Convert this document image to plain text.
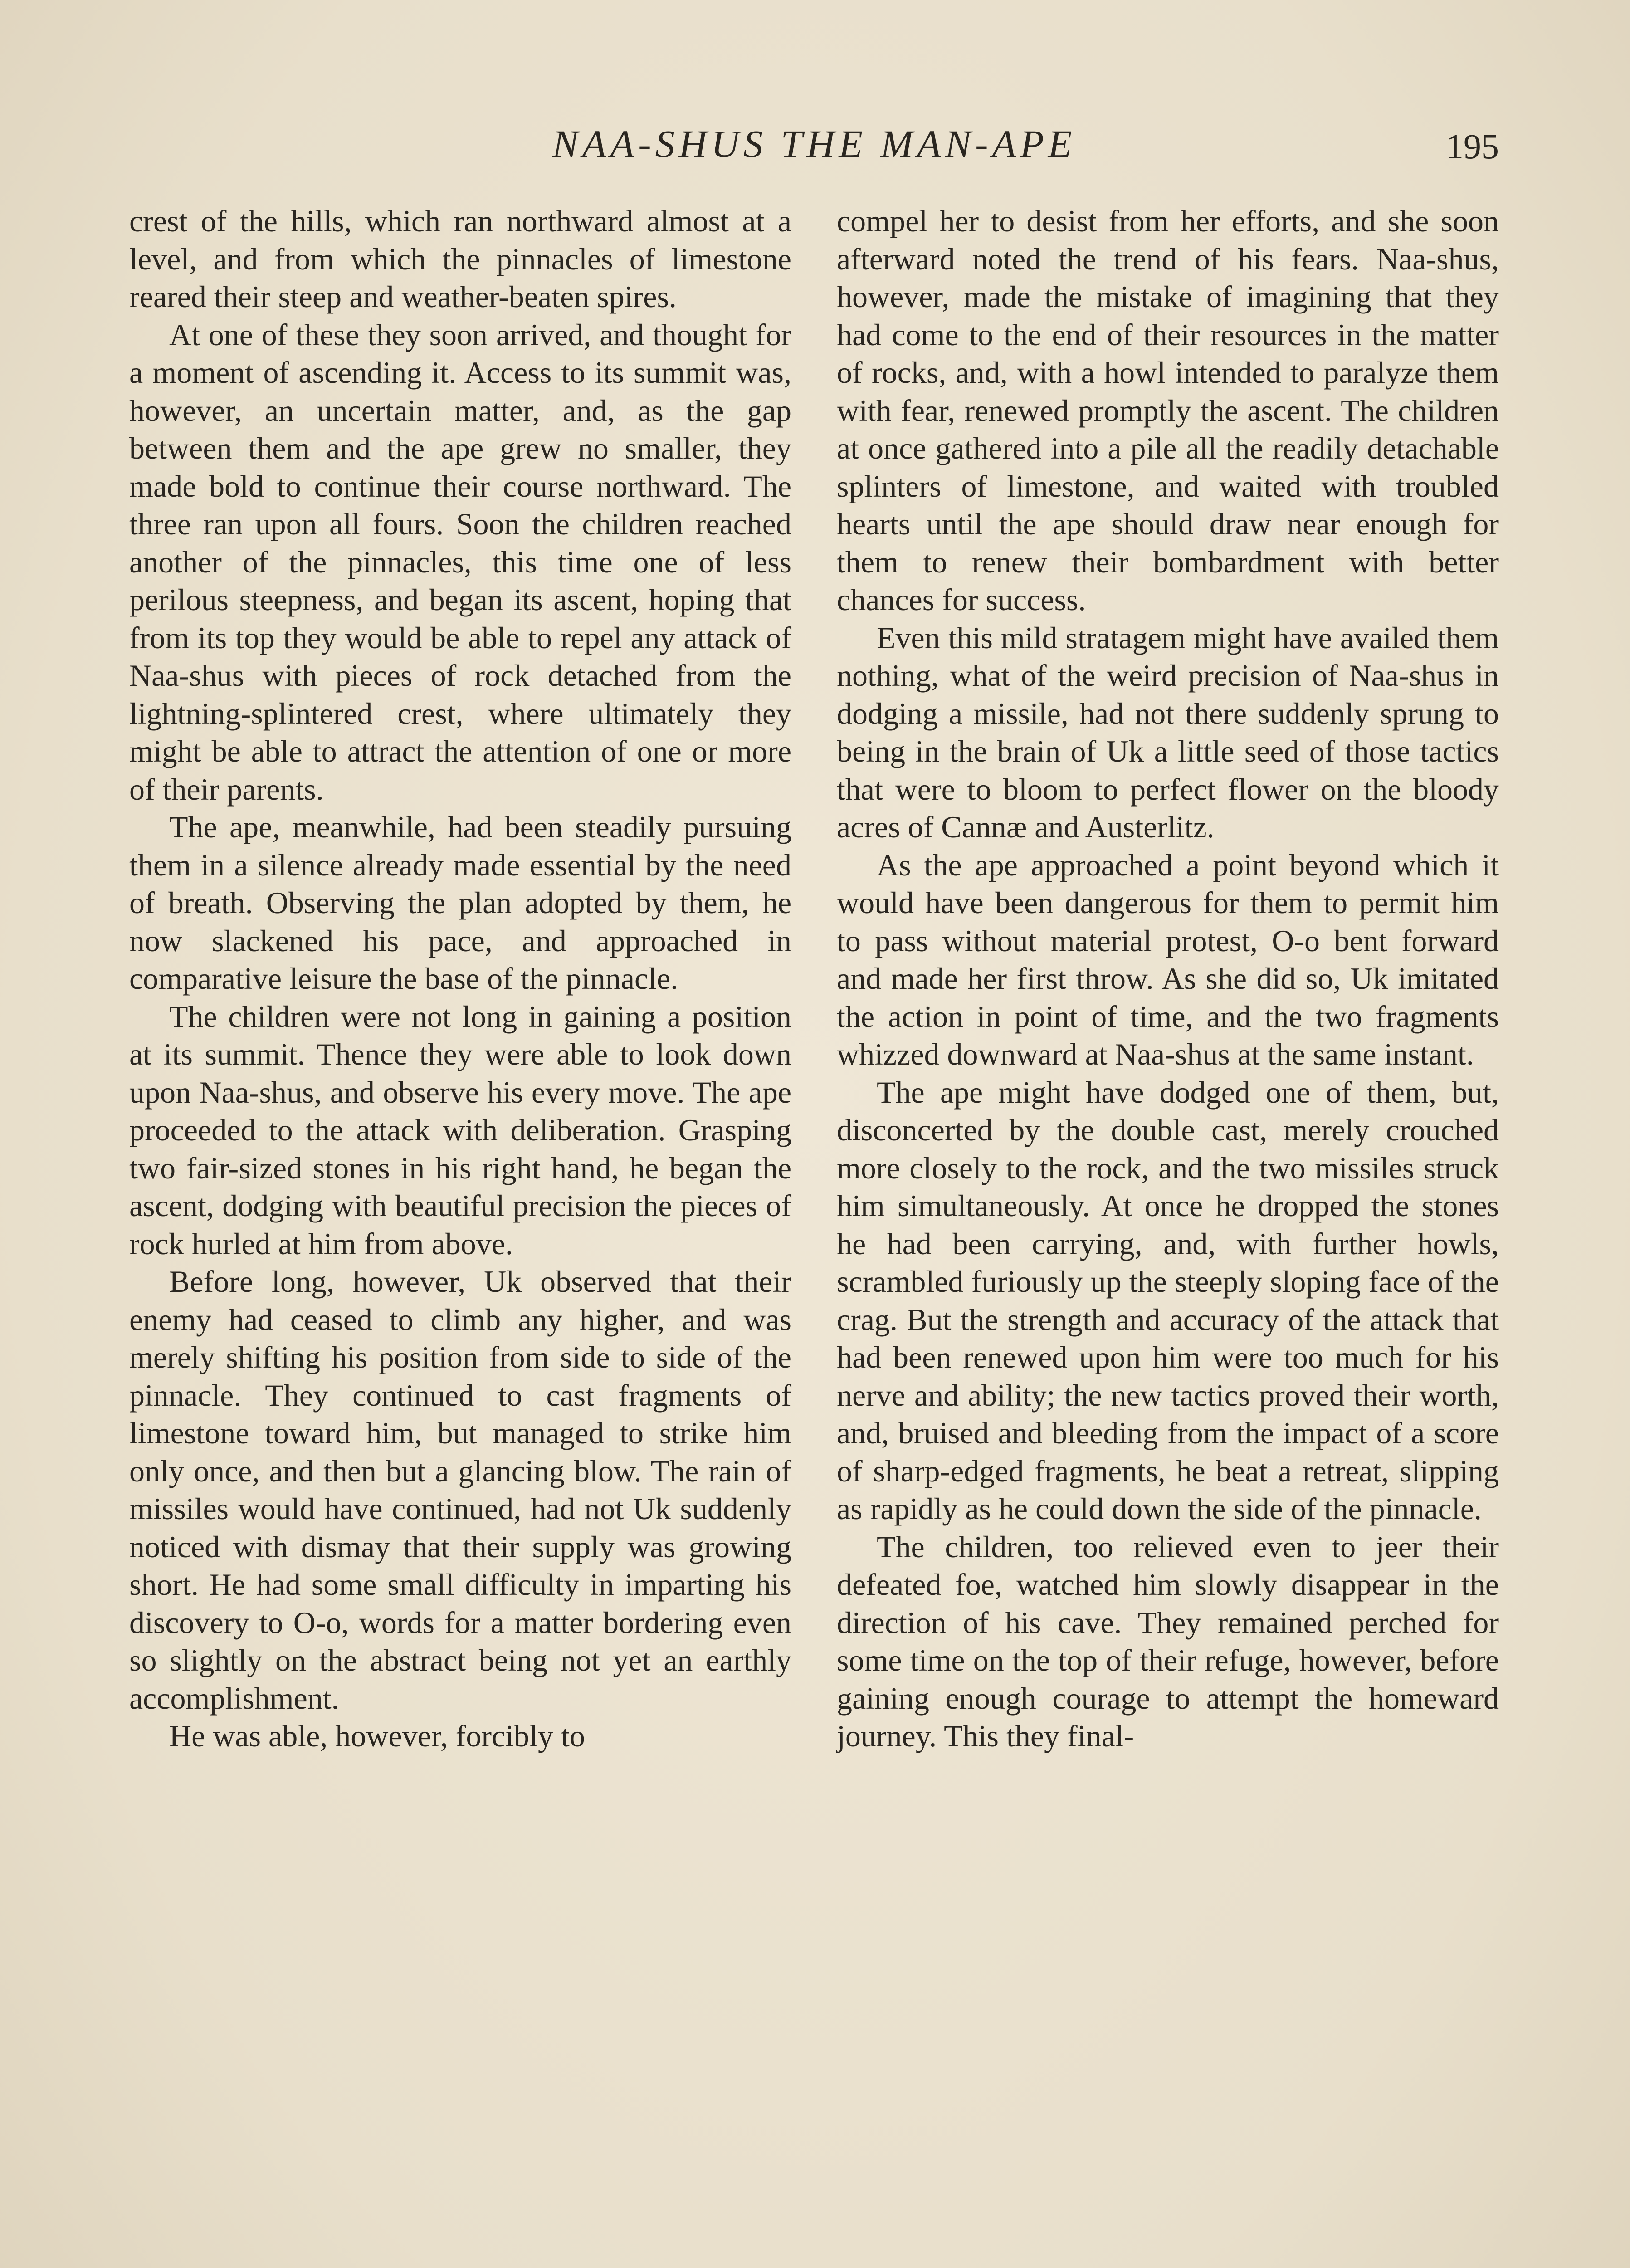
NAA-SHUS THE MAN-APE	195

crest of the hills, which ran northward almost at a level, and from which the pinnacles of limestone reared their steep and weather-beaten spires.

At one of these they soon arrived, and thought for a moment of ascending it. Access to its summit was, however, an uncertain matter, and, as the gap between them and the ape grew no smaller, they made bold to continue their course northward. The three ran upon all fours. Soon the children reached another of the pinnacles, this time one of less perilous steepness, and began its ascent, hoping that from its top they would be able to repel any attack of Naa-shus with pieces of rock detached from the lightning-splintered crest, where ultimately they might be able to attract the attention of one or more of their parents.

The ape, meanwhile, had been steadily pursuing them in a silence already made essential by the need of breath. Observing the plan adopted by them, he now slackened his pace, and approached in comparative leisure the base of the pinnacle.

The children were not long in gaining a position at its summit. Thence they were able to look down upon Naa-shus, and observe his every move. The ape proceeded to the attack with deliberation. Grasping two fair-sized stones in his right hand, he began the ascent, dodging with beautiful precision the pieces of rock hurled at him from above.

Before long, however, Uk observed that their enemy had ceased to climb any higher, and was merely shifting his position from side to side of the pinnacle. They continued to cast fragments of limestone toward him, but managed to strike him only once, and then but a glancing blow. The rain of missiles would have continued, had not Uk suddenly noticed with dismay that their supply was growing short. He had some small difficulty in imparting his discovery to O-o, words for a matter bordering even so slightly on the abstract being not yet an earthly accomplishment.

He was able, however, forcibly to

compel her to desist from her efforts, and she soon afterward noted the trend of his fears. Naa-shus, however, made the mistake of imagining that they had come to the end of their resources in the matter of rocks, and, with a howl intended to paralyze them with fear, renewed promptly the ascent. The children at once gathered into a pile all the readily detachable splinters of limestone, and waited with troubled hearts until the ape should draw near enough for them to renew their bombardment with better chances for success.

Even this mild stratagem might have availed them nothing, what of the weird precision of Naa-shus in dodging a missile, had not there suddenly sprung to being in the brain of Uk a little seed of those tactics that were to bloom to perfect flower on the bloody acres of Cannæ and Austerlitz.

As the ape approached a point beyond which it would have been dangerous for them to permit him to pass without material protest, O-o bent forward and made her first throw. As she did so, Uk imitated the action in point of time, and the two fragments whizzed downward at Naa-shus at the same instant.

The ape might have dodged one of them, but, disconcerted by the double cast, merely crouched more closely to the rock, and the two missiles struck him simultaneously. At once he dropped the stones he had been carrying, and, with further howls, scrambled furiously up the steeply sloping face of the crag. But the strength and accuracy of the attack that had been renewed upon him were too much for his nerve and ability; the new tactics proved their worth, and, bruised and bleeding from the impact of a score of sharp-edged fragments, he beat a retreat, slipping as rapidly as he could down the side of the pinnacle.

The children, too relieved even to jeer their defeated foe, watched him slowly disappear in the direction of his cave. They remained perched for some time on the top of their refuge, however, before gaining enough courage to attempt the homeward journey. This they final-
